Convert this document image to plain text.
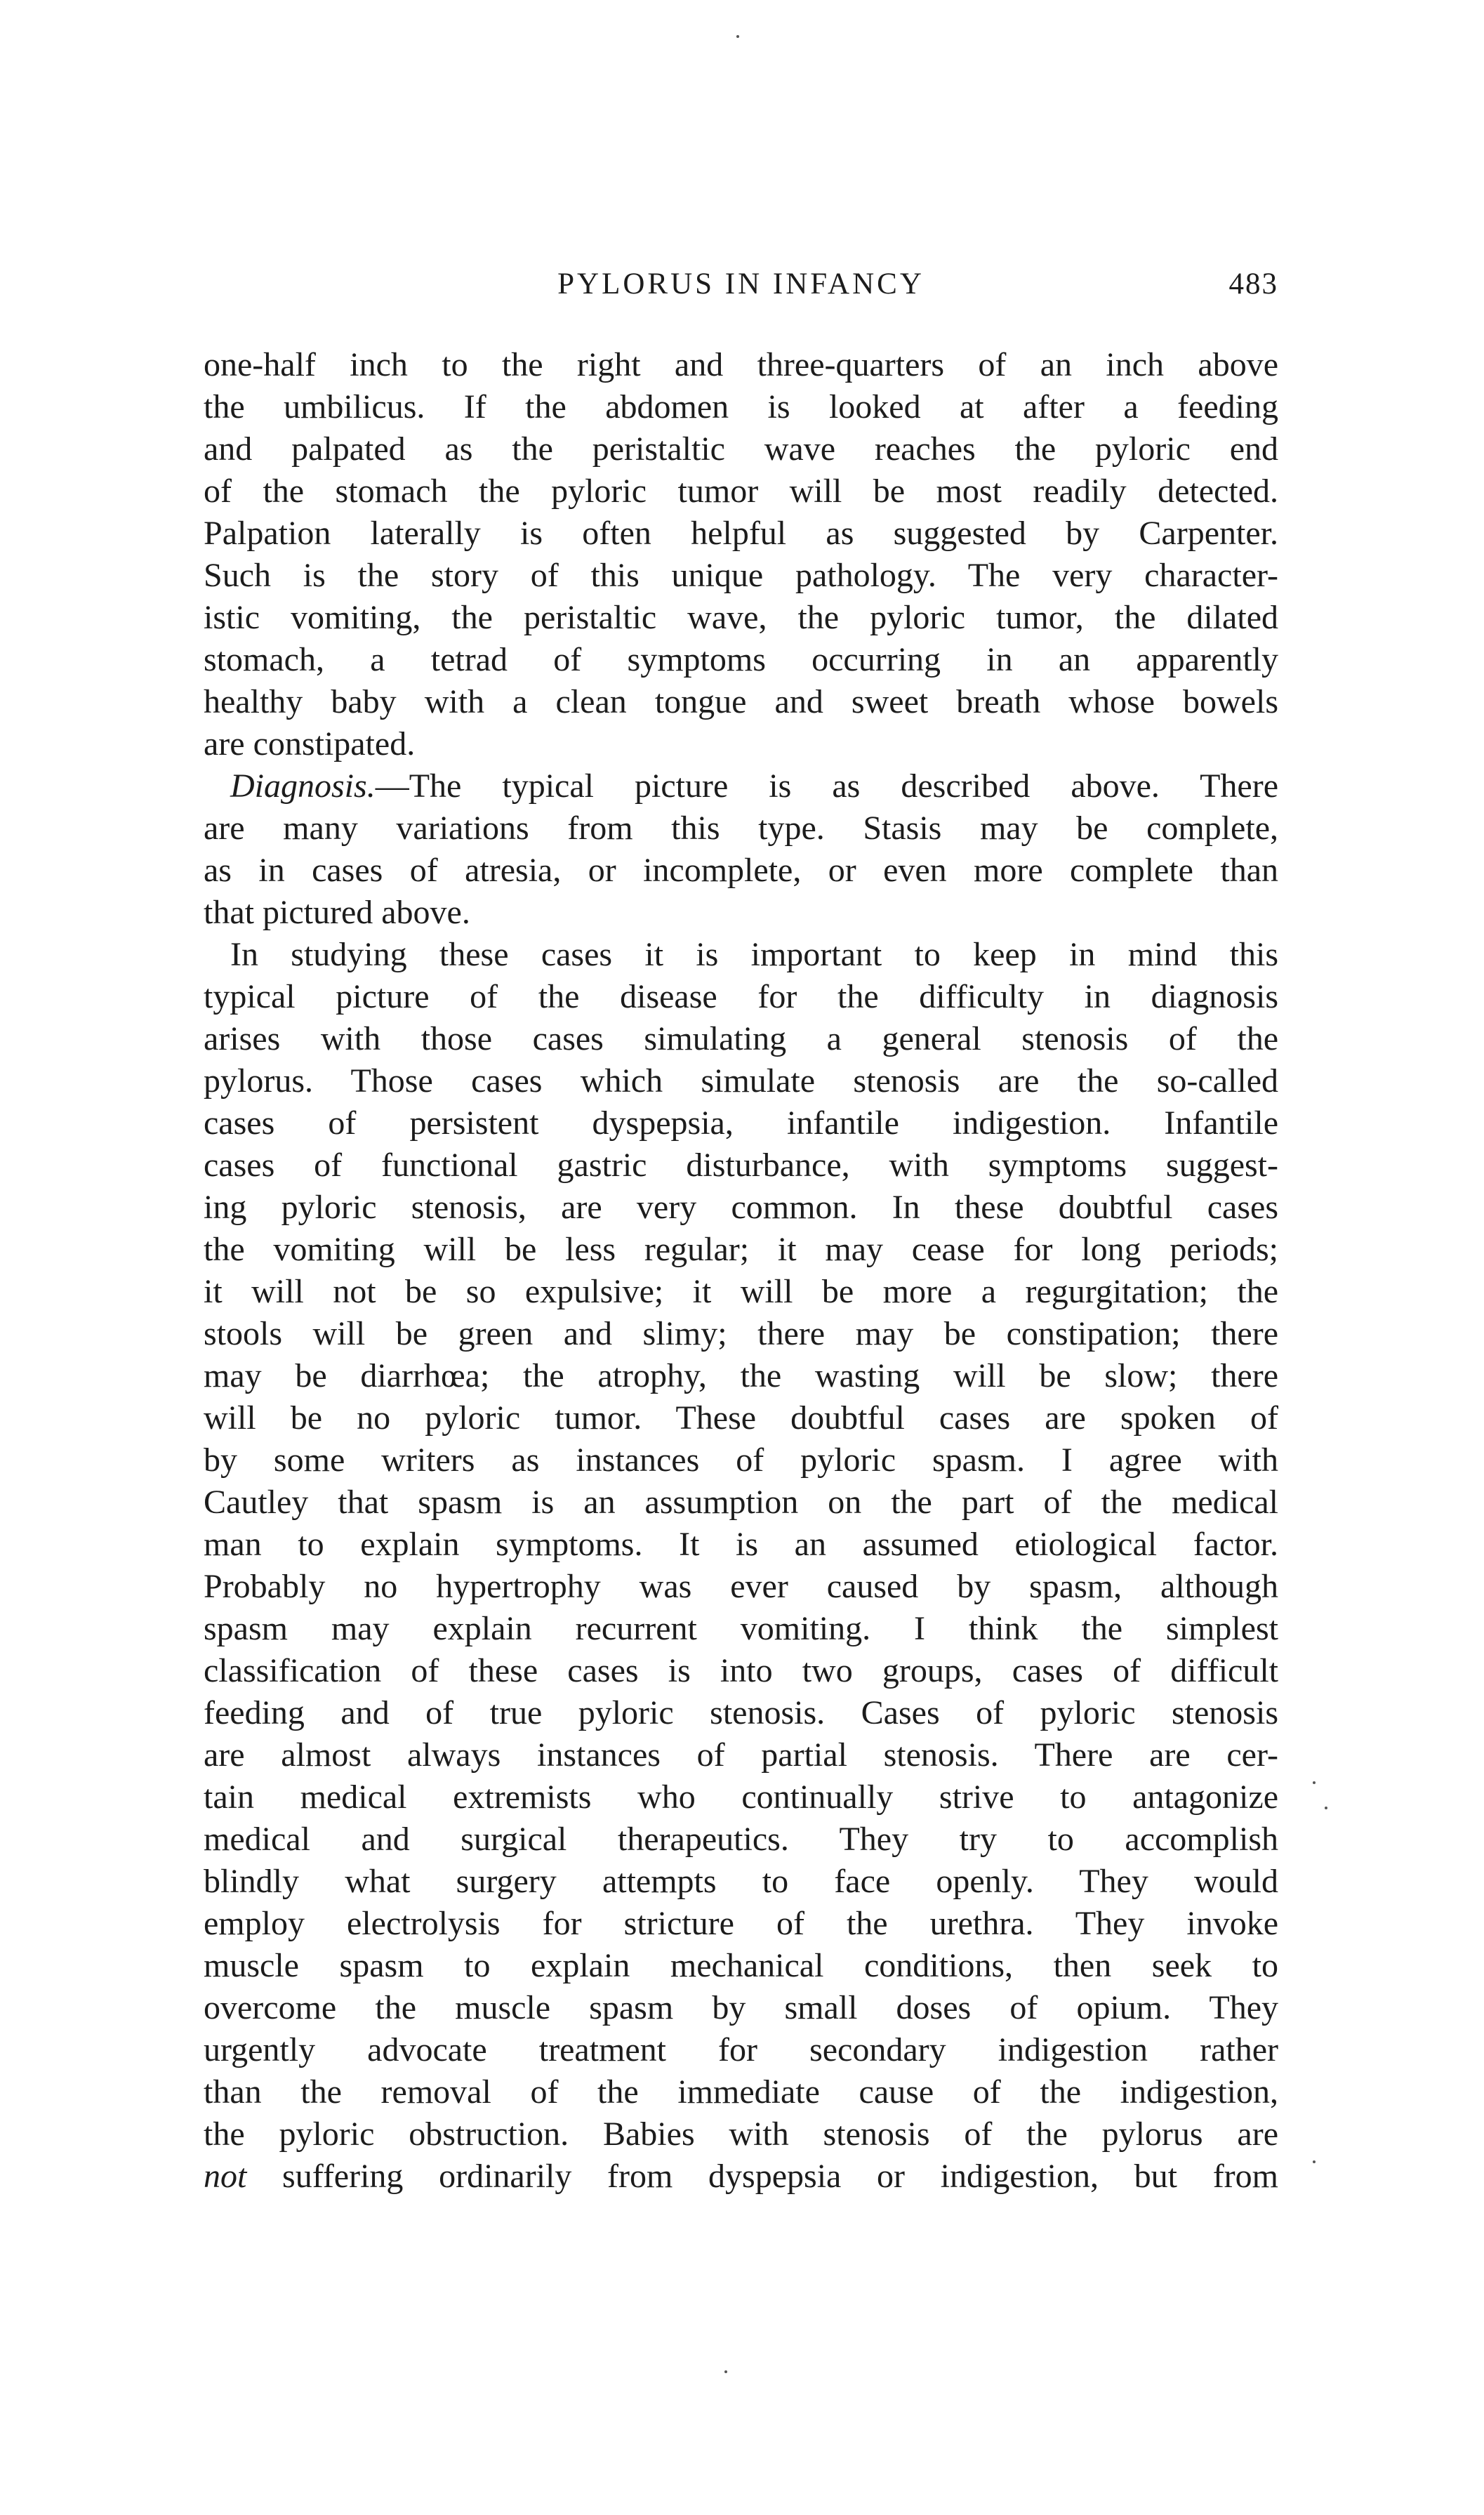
PYLORUS IN INFANCY	483
one-half inch to the right and three-quarters of an inch above
the umbilicus. If the abdomen is looked at after a feeding
and palpated as the peristaltic wave reaches the pyloric end
of the stomach the pyloric tumor will be most readily detected.
Palpation laterally is often helpful as suggested by Carpenter.
Such is the story of this unique pathology. The very character-
istic vomiting, the peristaltic wave, the pyloric tumor, the dilated
stomach, a tetrad of symptoms occurring in an apparently
healthy baby with a clean tongue and sweet breath whose bowels
are constipated.
Diagnosis.—The typical picture is as described above. There
are many variations from this type. Stasis may be complete,
as in cases of atresia, or incomplete, or even more complete than
that pictured above.
In studying these cases it is important to keep in mind this
typical picture of the disease for the difficulty in diagnosis
arises with those cases simulating a general stenosis of the
pylorus. Those cases which simulate stenosis are the so-called
cases of persistent dyspepsia, infantile indigestion. Infantile
cases of functional gastric disturbance, with symptoms suggest-
ing pyloric stenosis, are very common. In these doubtful cases
the vomiting will be less regular; it may cease for long periods;
it will not be so expulsive; it will be more a regurgitation; the
stools will be green and slimy; there may be constipation; there
may be diarrhœa; the atrophy, the wasting will be slow; there
will be no pyloric tumor. These doubtful cases are spoken of
by some writers as instances of pyloric spasm. I agree with
Cautley that spasm is an assumption on the part of the medical
man to explain symptoms. It is an assumed etiological factor.
Probably no hypertrophy was ever caused by spasm, although
spasm may explain recurrent vomiting. I think the simplest
classification of these cases is into two groups, cases of difficult
feeding and of true pyloric stenosis. Cases of pyloric stenosis
are almost always instances of partial stenosis. There are cer-
tain medical extremists who continually strive to antagonize
medical and surgical therapeutics. They try to accomplish
blindly what surgery attempts to face openly. They would
employ electrolysis for stricture of the urethra. They invoke
muscle spasm to explain mechanical conditions, then seek to
overcome the muscle spasm by small doses of opium. They
urgently advocate treatment for secondary indigestion rather
than the removal of the immediate cause of the indigestion,
the pyloric obstruction. Babies with stenosis of the pylorus are
not suffering ordinarily from dyspepsia or indigestion, but from
